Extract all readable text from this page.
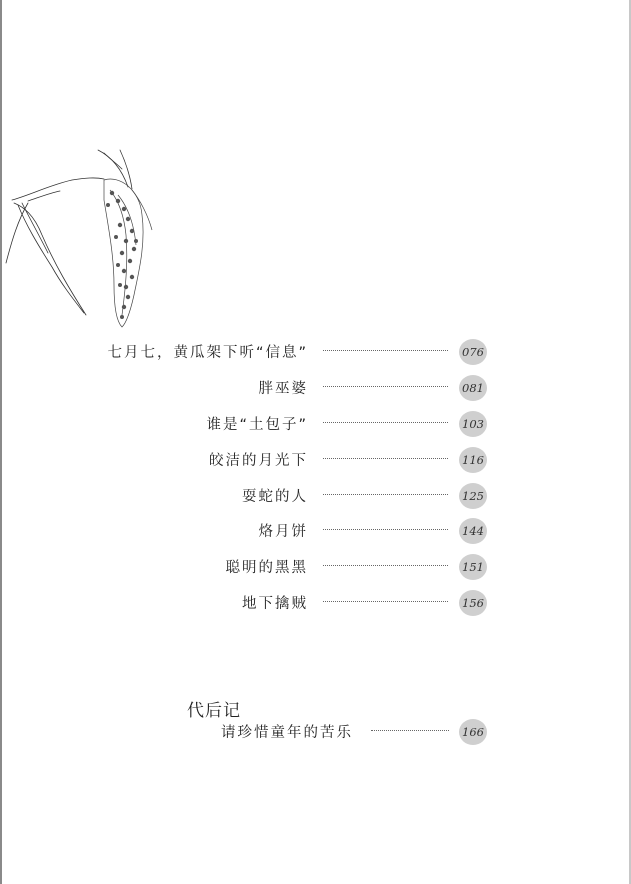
七月七，黄瓜架下听“信息”	076
胖巫婆	081
谁是“土包子”	103
皎洁的月光下	116
耍蛇的人	125
烙月饼	144
聪明的黑黑	151
地下擒贼	156
代后记
请珍惜童年的苦乐	166
